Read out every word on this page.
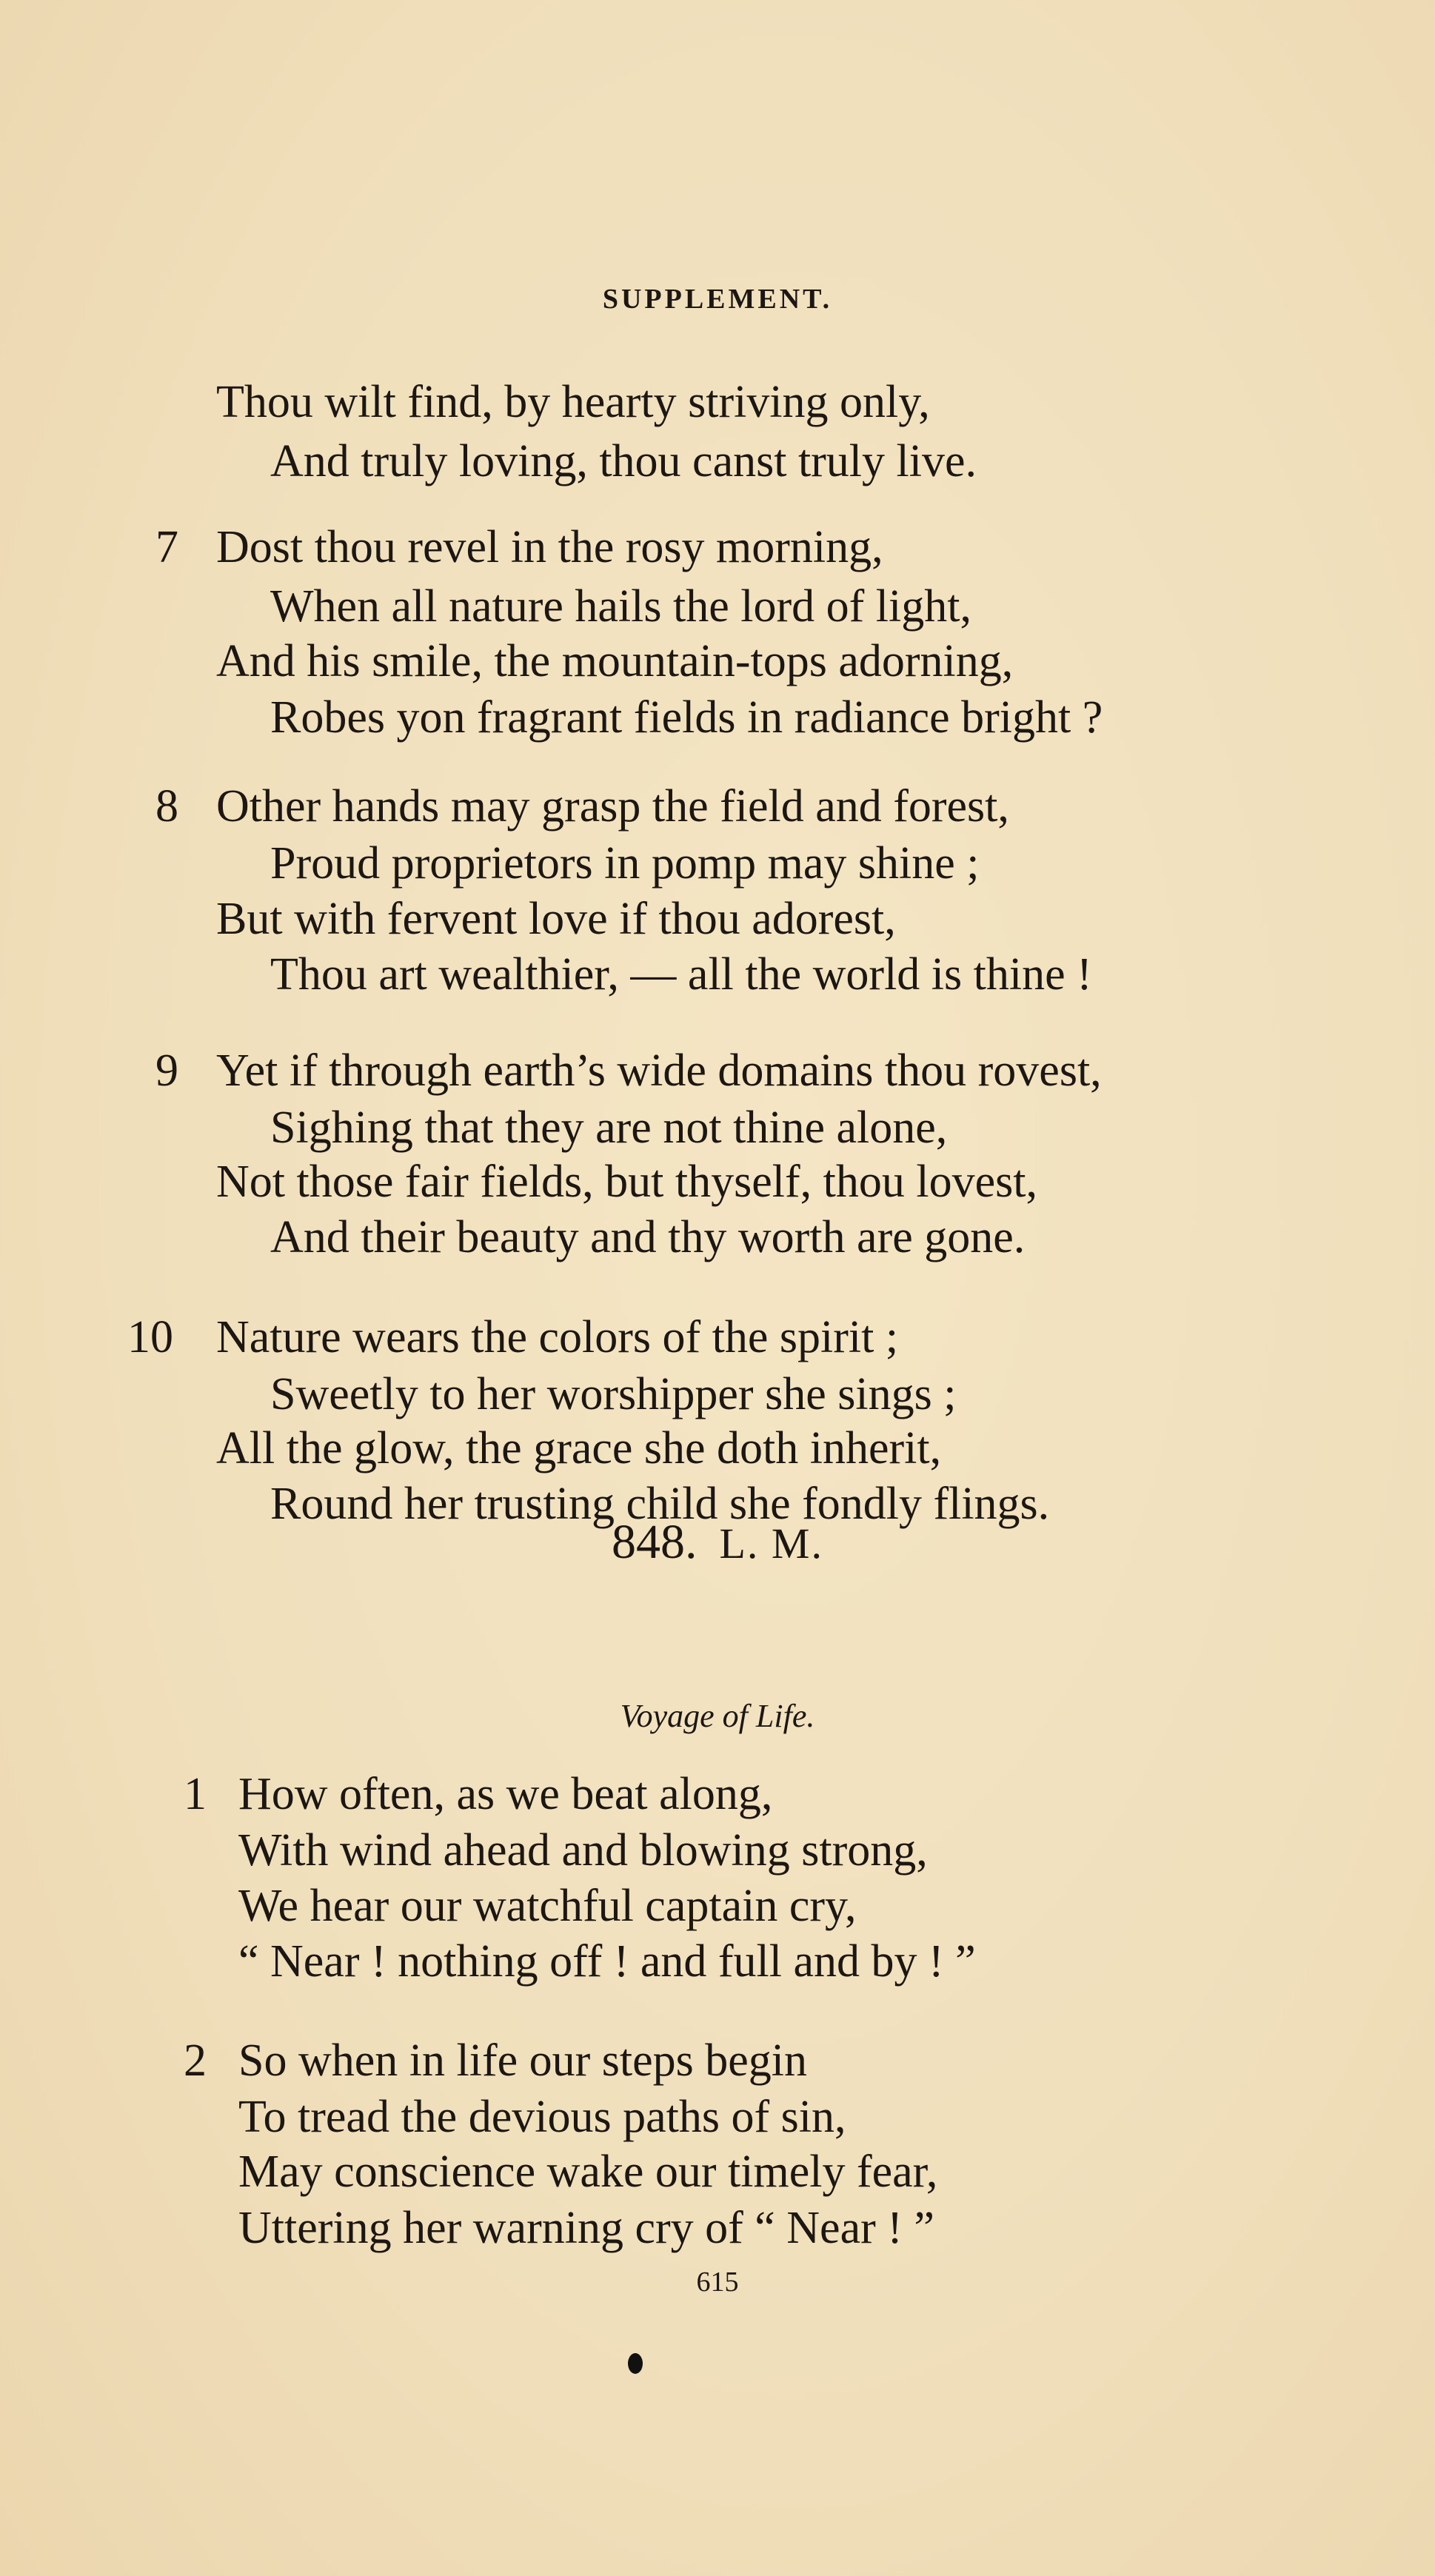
SUPPLEMENT.
Thou wilt find, by hearty striving only,
And truly loving, thou canst truly live.
7 Dost thou revel in the rosy morning,
When all nature hails the lord of light,
And his smile, the mountain-tops adorning,
Robes yon fragrant fields in radiance bright ?
8 Other hands may grasp the field and forest,
Proud proprietors in pomp may shine ;
But with fervent love if thou adorest,
Thou art wealthier, — all the world is thine !
9 Yet if through earth’s wide domains thou rovest,
Sighing that they are not thine alone,
Not those fair fields, but thyself, thou lovest,
And their beauty and thy worth are gone.
10 Nature wears the colors of the spirit ;
Sweetly to her worshipper she sings ;
All the glow, the grace she doth inherit,
Round her trusting child she fondly flings.
848. L. M.
Voyage of Life.
1 How often, as we beat along,
With wind ahead and blowing strong,
We hear our watchful captain cry,
“ Near ! nothing off ! and full and by ! ”
2 So when in life our steps begin
To tread the devious paths of sin,
May conscience wake our timely fear,
Uttering her warning cry of “ Near ! ”
615
